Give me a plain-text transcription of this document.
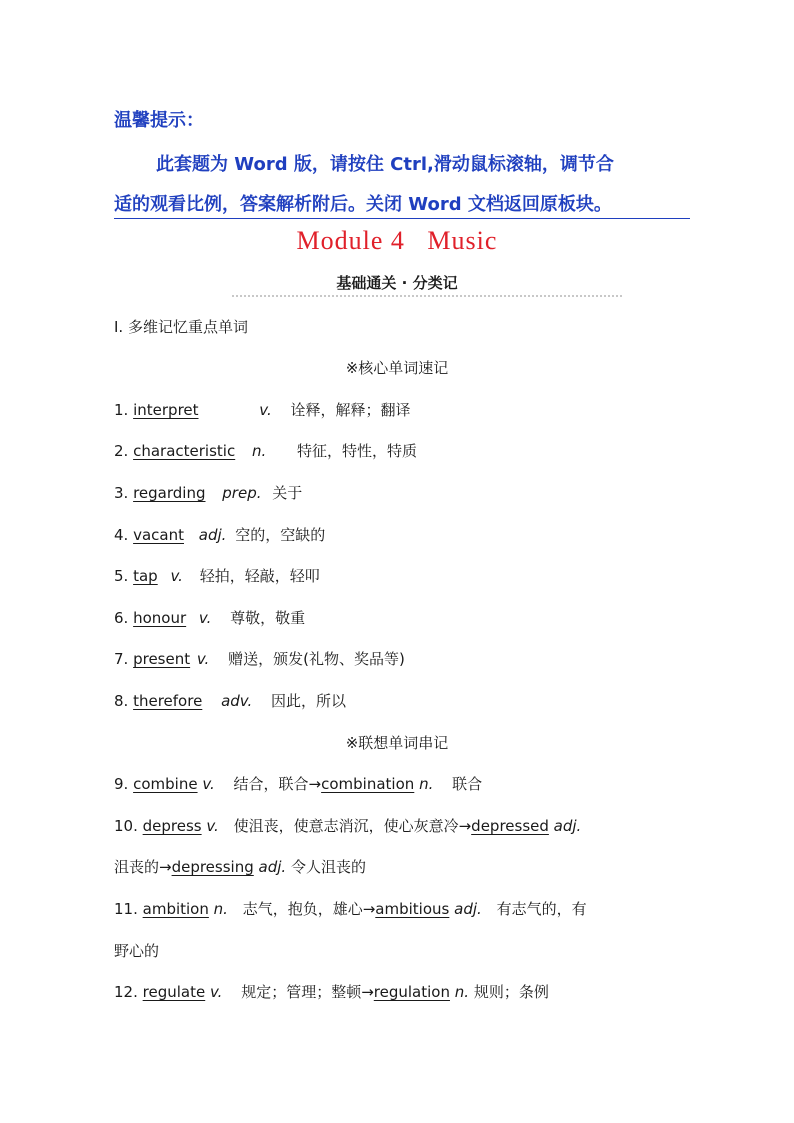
温馨提示：
此套题为 Word 版，请按住 Ctrl,滑动鼠标滚轴，调节合
适的观看比例，答案解析附后。关闭 Word 文档返回原板块。
Module 4   Music
基础通关 · 分类记
Ⅰ. 多维记忆重点单词
※核心单词速记
1. interpret	v. 诠释，解释；翻译
2. characteristic n. 特征，特性，特质
3. regarding prep. 关于
4. vacant adj. 空的，空缺的
5. tap v. 轻拍，轻敲，轻叩
6. honour v. 尊敬，敬重
7. present v. 赠送，颁发(礼物、奖品等)
8. therefore adv. 因此，所以
※联想单词串记
9. combine v. 结合，联合→combination n. 联合
10. depress v. 使沮丧，使意志消沉，使心灰意冷→depressed adj.
沮丧的→depressing adj. 令人沮丧的
11. ambition n. 志气，抱负，雄心→ambitious adj. 有志气的，有
野心的
12. regulate v. 规定；管理；整顿→regulation n. 规则；条例
